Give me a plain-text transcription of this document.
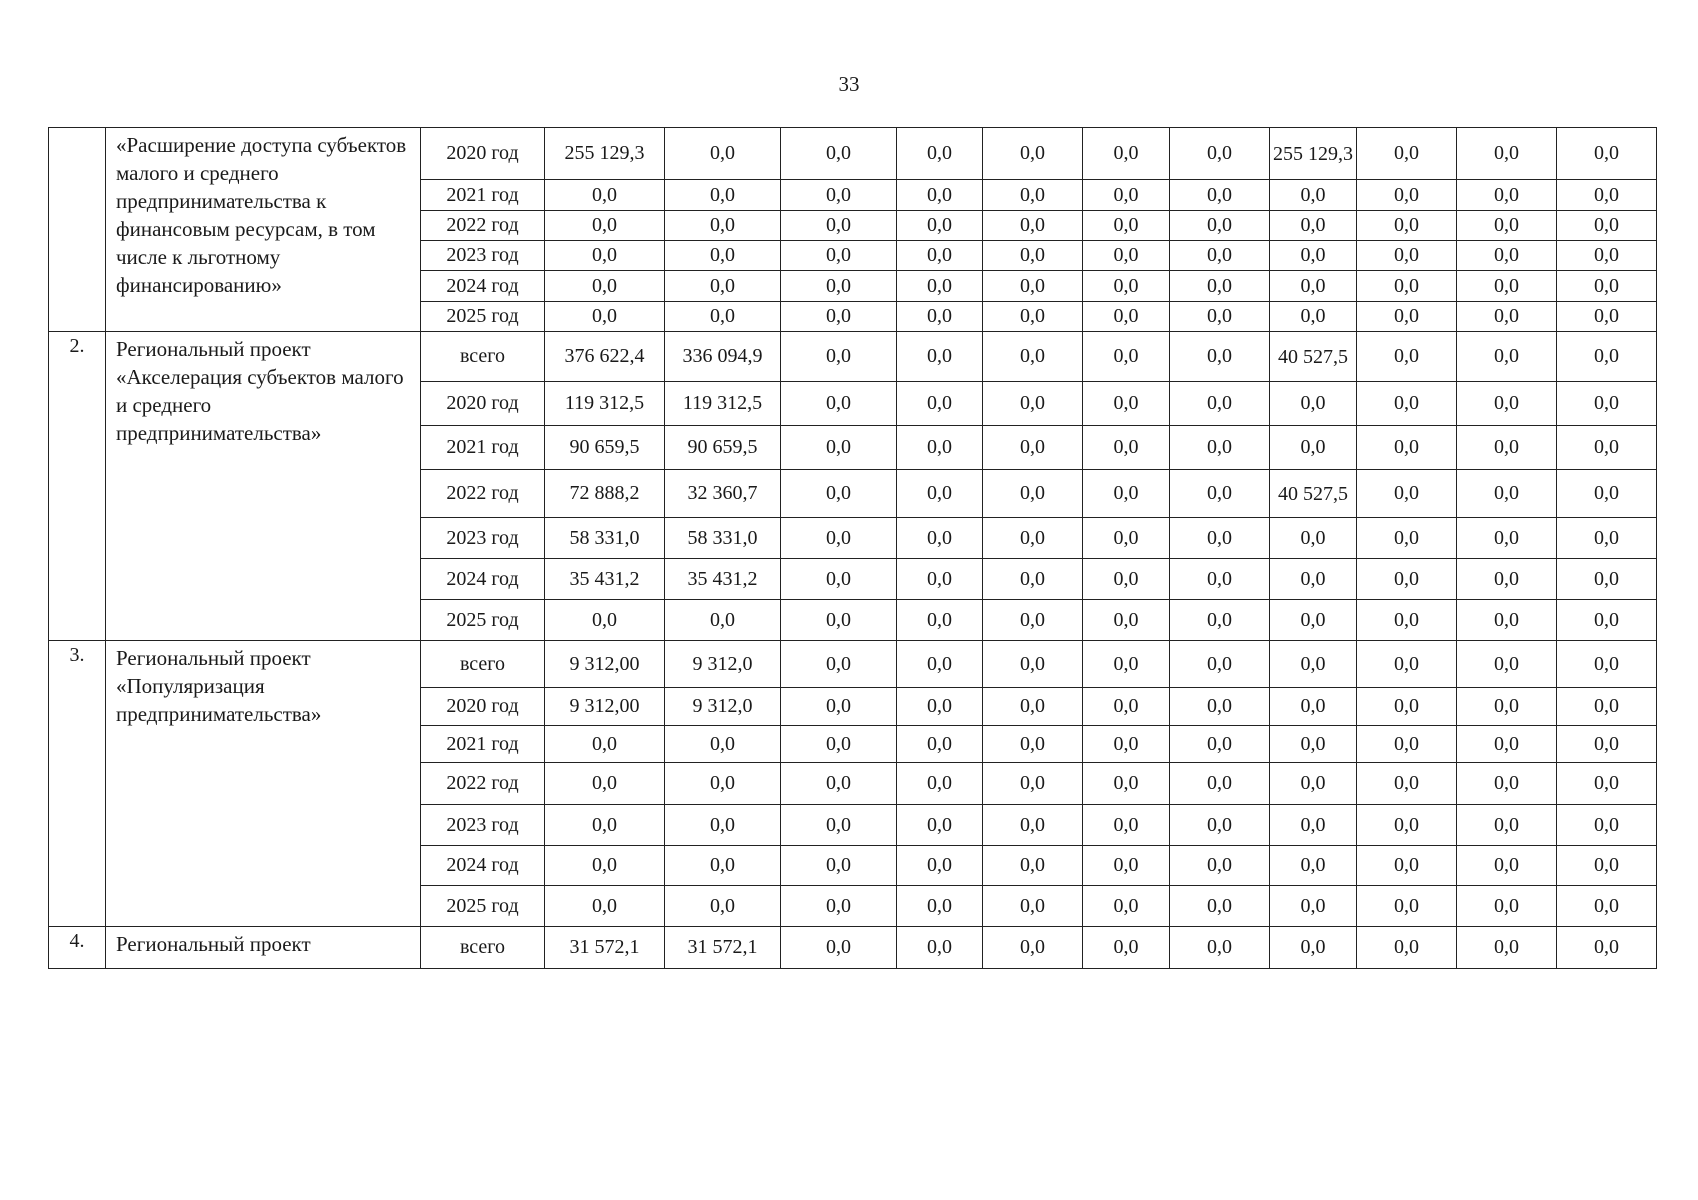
33
	«Расширение доступа субъектов малого и среднего предпринимательства к финансовым ресурсам, в том числе к льготному финансированию»	2020 год	255 129,3	0,0	0,0	0,0	0,0	0,0	0,0	255 129,3	0,0	0,0	0,0
		2021 год	0,0	0,0	0,0	0,0	0,0	0,0	0,0	0,0	0,0	0,0	0,0
		2022 год	0,0	0,0	0,0	0,0	0,0	0,0	0,0	0,0	0,0	0,0	0,0
		2023 год	0,0	0,0	0,0	0,0	0,0	0,0	0,0	0,0	0,0	0,0	0,0
		2024 год	0,0	0,0	0,0	0,0	0,0	0,0	0,0	0,0	0,0	0,0	0,0
		2025 год	0,0	0,0	0,0	0,0	0,0	0,0	0,0	0,0	0,0	0,0	0,0
2.	Региональный проект «Акселерация субъектов малого и среднего предпринимательства»	всего	376 622,4	336 094,9	0,0	0,0	0,0	0,0	0,0	40 527,5	0,0	0,0	0,0
		2020 год	119 312,5	119 312,5	0,0	0,0	0,0	0,0	0,0	0,0	0,0	0,0	0,0
		2021 год	90 659,5	90 659,5	0,0	0,0	0,0	0,0	0,0	0,0	0,0	0,0	0,0
		2022 год	72 888,2	32 360,7	0,0	0,0	0,0	0,0	0,0	40 527,5	0,0	0,0	0,0
		2023 год	58 331,0	58 331,0	0,0	0,0	0,0	0,0	0,0	0,0	0,0	0,0	0,0
		2024 год	35 431,2	35 431,2	0,0	0,0	0,0	0,0	0,0	0,0	0,0	0,0	0,0
		2025 год	0,0	0,0	0,0	0,0	0,0	0,0	0,0	0,0	0,0	0,0	0,0
3.	Региональный проект «Популяризация предпринимательства»	всего	9 312,00	9 312,0	0,0	0,0	0,0	0,0	0,0	0,0	0,0	0,0	0,0
		2020 год	9 312,00	9 312,0	0,0	0,0	0,0	0,0	0,0	0,0	0,0	0,0	0,0
		2021 год	0,0	0,0	0,0	0,0	0,0	0,0	0,0	0,0	0,0	0,0	0,0
		2022 год	0,0	0,0	0,0	0,0	0,0	0,0	0,0	0,0	0,0	0,0	0,0
		2023 год	0,0	0,0	0,0	0,0	0,0	0,0	0,0	0,0	0,0	0,0	0,0
		2024 год	0,0	0,0	0,0	0,0	0,0	0,0	0,0	0,0	0,0	0,0	0,0
		2025 год	0,0	0,0	0,0	0,0	0,0	0,0	0,0	0,0	0,0	0,0	0,0
4.	Региональный проект	всего	31 572,1	31 572,1	0,0	0,0	0,0	0,0	0,0	0,0	0,0	0,0	0,0
